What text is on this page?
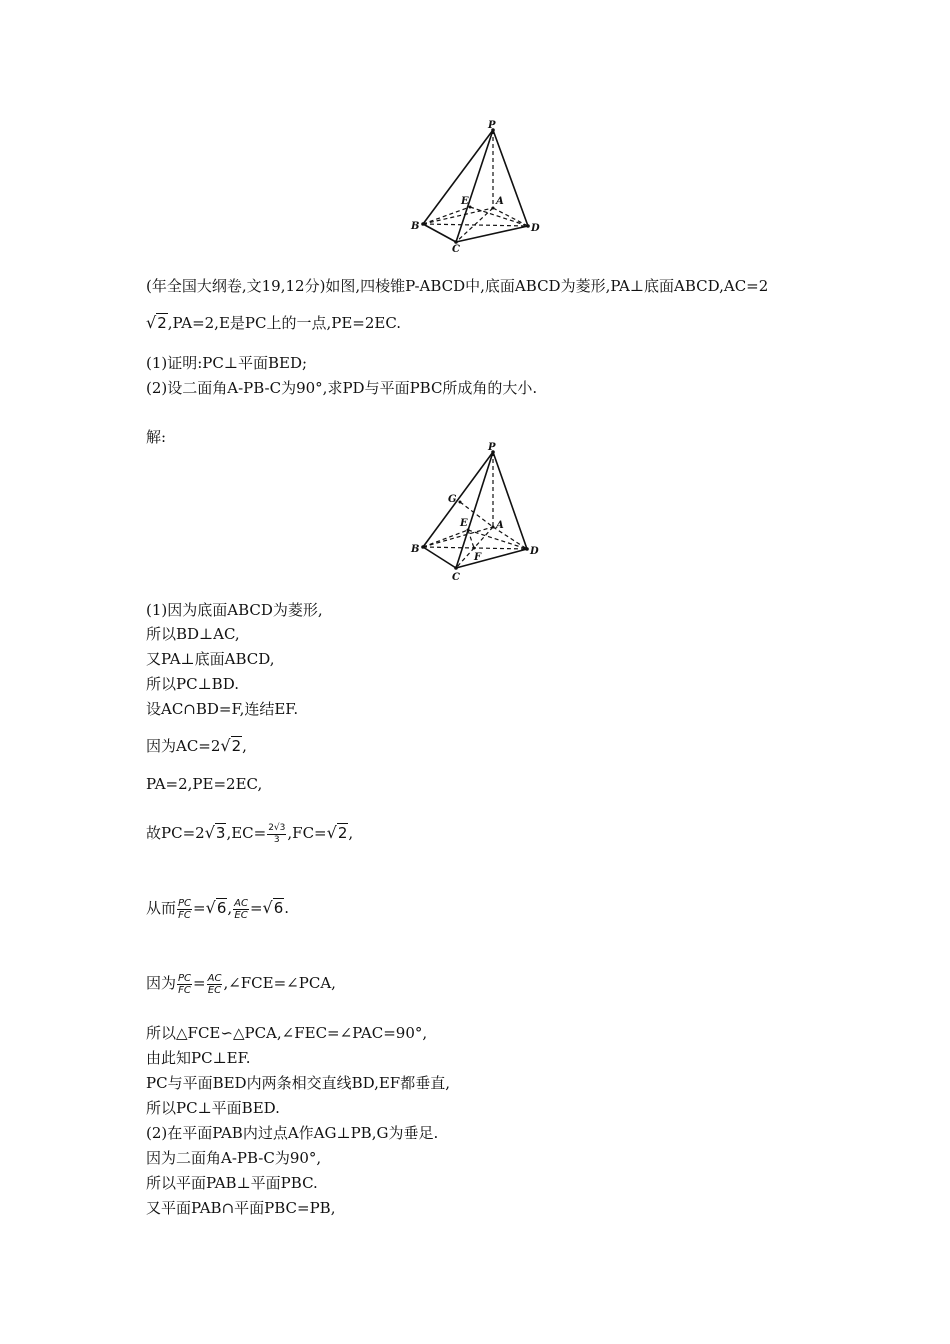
P
A
B
C
D
E
(年全国大纲卷,文19,12分)如图,四棱锥P-ABCD中,底面ABCD为菱形,PA⊥底面ABCD,AC=2
√2,PA=2,E是PC上的一点,PE=2EC.
(1)证明:PC⊥平面BED;
(2)设二面角A-PB-C为90°,求PD与平面PBC所成角的大小.
解:
P
A
B
C
D
E
F
G
(1)因为底面ABCD为菱形,
所以BD⊥AC,
又PA⊥底面ABCD,
所以PC⊥BD.
设AC∩BD=F,连结EF.
因为AC=2√2,
PA=2,PE=2EC,
故$PC=2√3,EC= \frac{2√3}{3} ,FC=√2$,
从而 $\frac{PC}{FC} =√6$, $\frac{AC}{EC} =√6$.
因为 $\frac{PC}{FC} = \frac{AC}{EC}$ ,∠FCE=∠PCA,
所以△FCE∽△PCA,∠FEC=∠PAC=90°,
由此知PC⊥EF.
PC与平面BED内两条相交直线BD,EF都垂直,
所以PC⊥平面BED.
(2)在平面PAB内过点A作AG⊥PB,G为垂足.
因为二面角A-PB-C为90°,
所以平面PAB⊥平面PBC.
又平面PAB∩平面PBC=PB,
